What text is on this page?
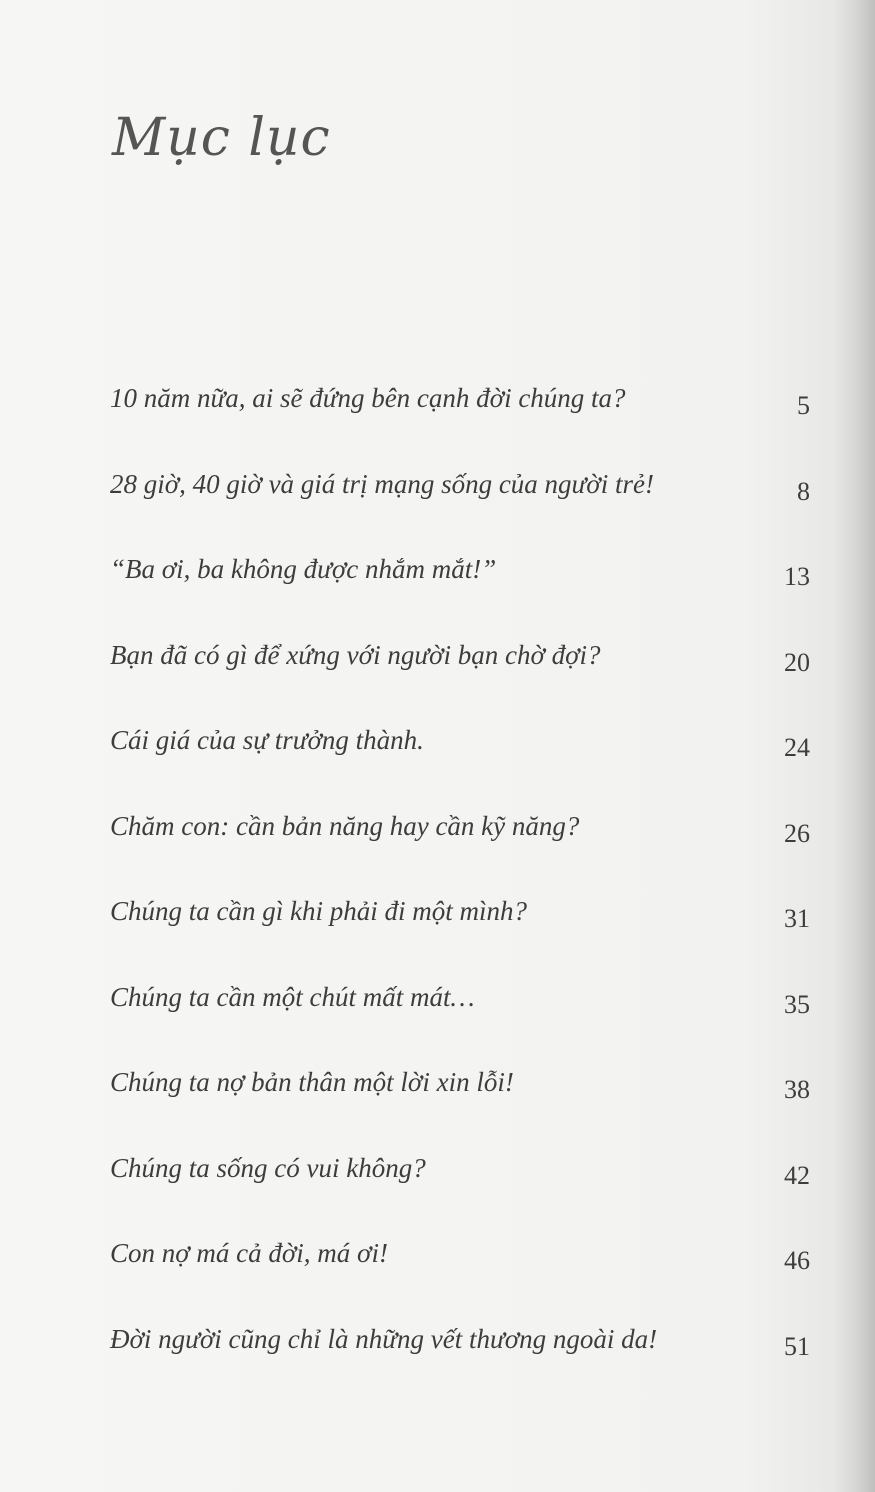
Mục lục
10 năm nữa, ai sẽ đứng bên cạnh đời chúng ta?	5
28 giờ, 40 giờ và giá trị mạng sống của người trẻ!	8
“Ba ơi, ba không được nhắm mắt!”	13
Bạn đã có gì để xứng với người bạn chờ đợi?	20
Cái giá của sự trưởng thành.	24
Chăm con: cần bản năng hay cần kỹ năng?	26
Chúng ta cần gì khi phải đi một mình?	31
Chúng ta cần một chút mất mát…	35
Chúng ta nợ bản thân một lời xin lỗi!	38
Chúng ta sống có vui không?	42
Con nợ má cả đời, má ơi!	46
Đời người cũng chỉ là những vết thương ngoài da!	51
